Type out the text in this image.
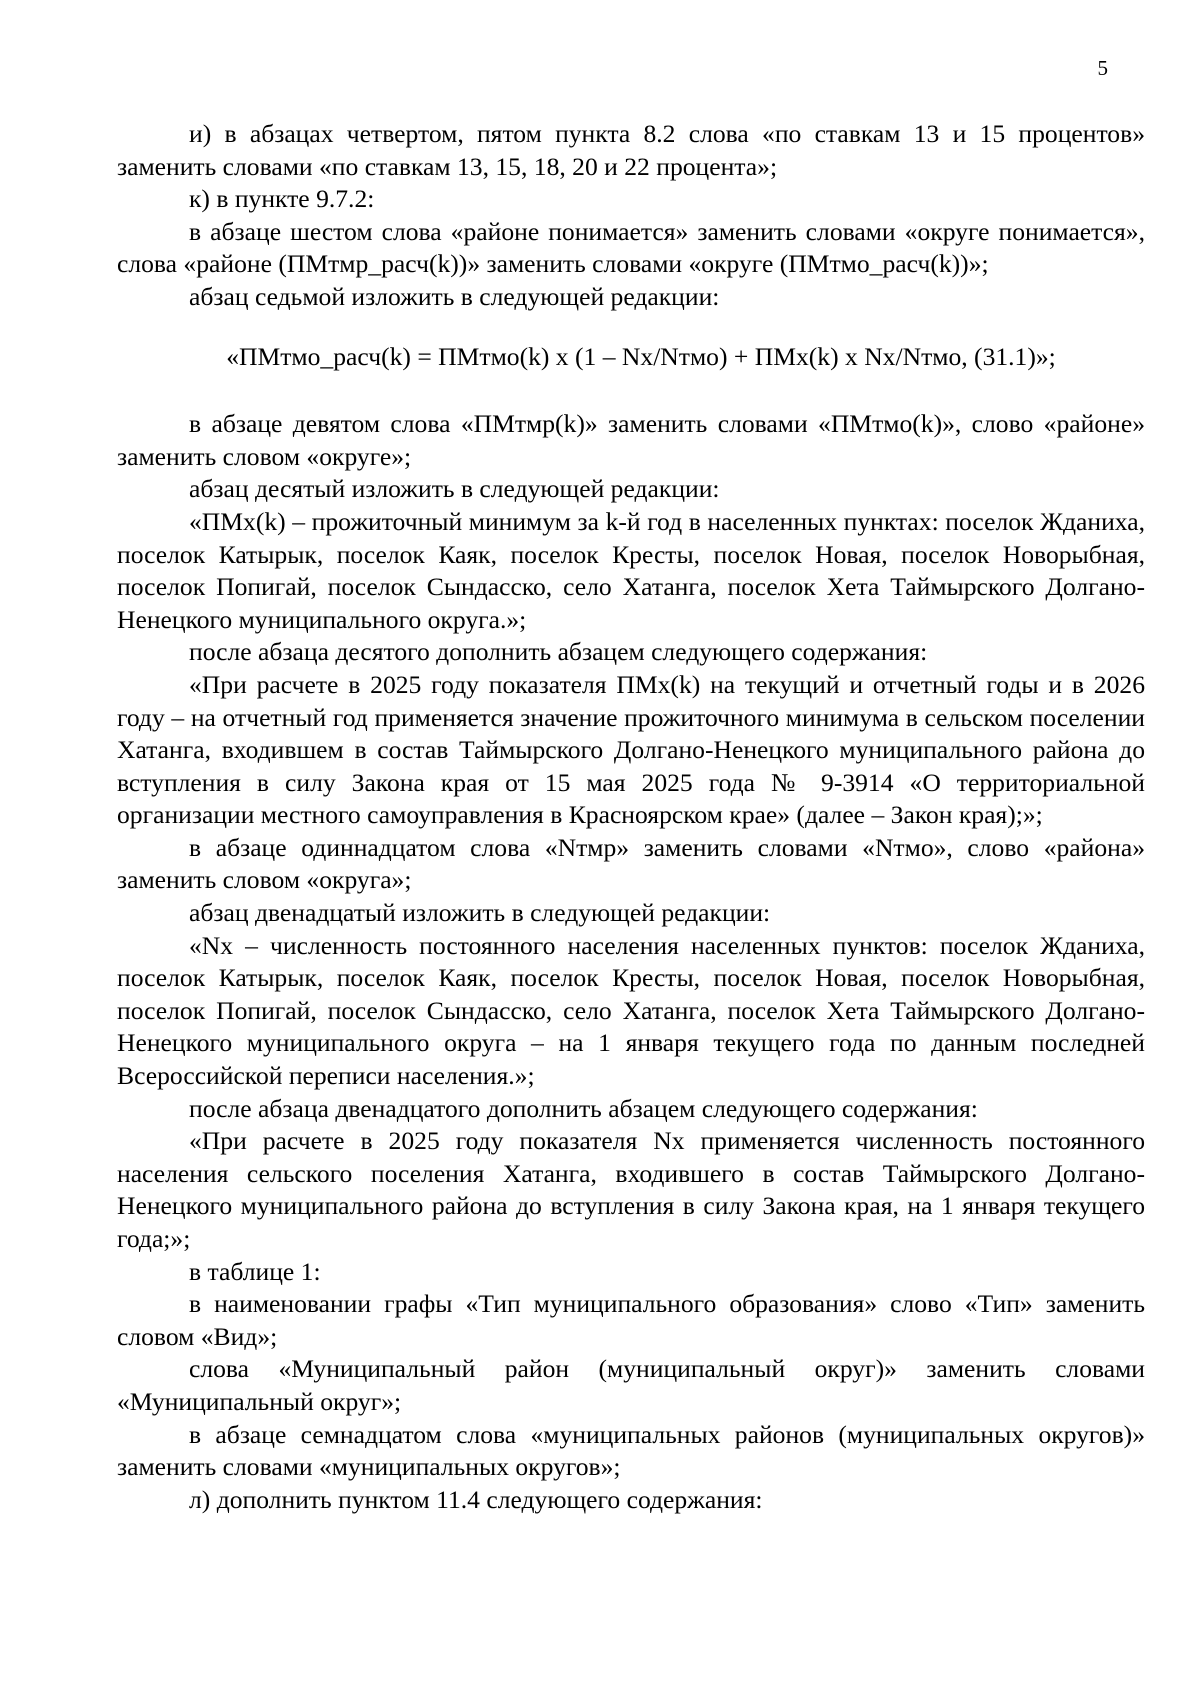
5

и) в абзацах четвертом, пятом пункта 8.2 слова «по ставкам 13 и 15 процентов» заменить словами «по ставкам 13, 15, 18, 20 и 22 процента»;

к) в пункте 9.7.2:

в абзаце шестом слова «районе понимается» заменить словами «округе понимается», слова «районе (ПМтмр_расч(k))» заменить словами «округе (ПМтмо_расч(k))»;

абзац седьмой изложить в следующей редакции:

«ПМтмо_расч(k) = ПМтмо(k) x (1 – Nx/Nтмо) + ПМх(k) x Nx/Nтмо, (31.1)»;

в абзаце девятом слова «ПМтмр(k)» заменить словами «ПМтмо(k)», слово «районе» заменить словом «округе»;

абзац десятый изложить в следующей редакции:

«ПМх(k) – прожиточный минимум за k-й год в населенных пунктах: поселок Жданиха, поселок Катырык, поселок Каяк, поселок Кресты, поселок Новая, поселок Новорыбная, поселок Попигай, поселок Сындасско, село Хатанга, поселок Хета Таймырского Долгано-Ненецкого муниципального округа.»;

после абзаца десятого дополнить абзацем следующего содержания:

«При расчете в 2025 году показателя ПМх(k) на текущий и отчетный годы и в 2026 году – на отчетный год применяется значение прожиточного минимума в сельском поселении Хатанга, входившем в состав Таймырского Долгано-Ненецкого муниципального района до вступления в силу Закона края от 15 мая 2025 года № 9-3914 «О территориальной организации местного самоуправления в Красноярском крае» (далее – Закон края);»;

в абзаце одиннадцатом слова «Nтмр» заменить словами «Nтмо», слово «района» заменить словом «округа»;

абзац двенадцатый изложить в следующей редакции:

«Nx – численность постоянного населения населенных пунктов: поселок Жданиха, поселок Катырык, поселок Каяк, поселок Кресты, поселок Новая, поселок Новорыбная, поселок Попигай, поселок Сындасско, село Хатанга, поселок Хета Таймырского Долгано-Ненецкого муниципального округа – на 1 января текущего года по данным последней Всероссийской переписи населения.»;

после абзаца двенадцатого дополнить абзацем следующего содержания:

«При расчете в 2025 году показателя Nx применяется численность постоянного населения сельского поселения Хатанга, входившего в состав Таймырского Долгано-Ненецкого муниципального района до вступления в силу Закона края, на 1 января текущего года;»;

в таблице 1:

в наименовании графы «Тип муниципального образования» слово «Тип» заменить словом «Вид»;

слова «Муниципальный район (муниципальный округ)» заменить словами «Муниципальный округ»;

в абзаце семнадцатом слова «муниципальных районов (муниципальных округов)» заменить словами «муниципальных округов»;

л) дополнить пунктом 11.4 следующего содержания:
